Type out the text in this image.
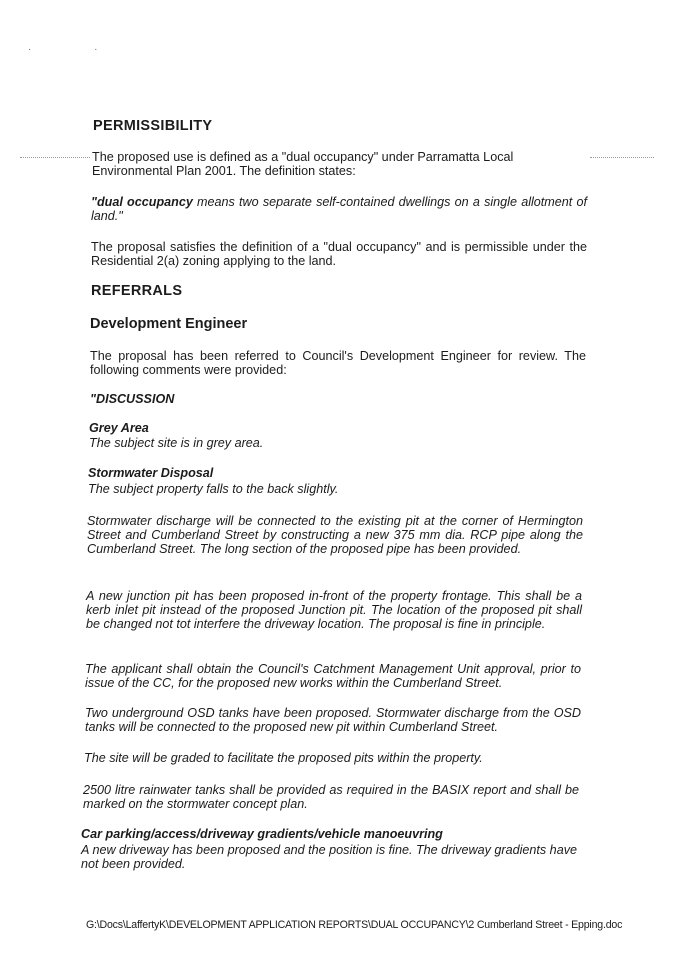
· ·
PERMISSIBILITY
The proposed use is defined as a "dual occupancy" under Parramatta Local
Environmental Plan 2001. The definition states:
"dual occupancy means two separate self-contained dwellings on a single allotment of land."
The proposal satisfies the definition of a "dual occupancy" and is permissible under the Residential 2(a) zoning applying to the land.
REFERRALS
Development Engineer
The proposal has been referred to Council's Development Engineer for review. The following comments were provided:
"DISCUSSION
Grey Area
The subject site is in grey area.
Stormwater Disposal
The subject property falls to the back slightly.
Stormwater discharge will be connected to the existing pit at the corner of Hermington Street and Cumberland Street by constructing a new 375 mm dia. RCP pipe along the Cumberland Street. The long section of the proposed pipe has been provided.
A new junction pit has been proposed in-front of the property frontage. This shall be a kerb inlet pit instead of the proposed Junction pit. The location of the proposed pit shall be changed not tot interfere the driveway location. The proposal is fine in principle.
The applicant shall obtain the Council's Catchment Management Unit approval, prior to issue of the CC, for the proposed new works within the Cumberland Street.
Two underground OSD tanks have been proposed. Stormwater discharge from the OSD tanks will be connected to the proposed new pit within Cumberland Street.
The site will be graded to facilitate the proposed pits within the property.
2500 litre rainwater tanks shall be provided as required in the BASIX report and shall be marked on the stormwater concept plan.
Car parking/access/driveway gradients/vehicle manoeuvring
A new driveway has been proposed and the position is fine. The driveway gradients have not been provided.
G:\Docs\LaffertyK\DEVELOPMENT APPLICATION REPORTS\DUAL OCCUPANCY\2 Cumberland Street - Epping.doc
